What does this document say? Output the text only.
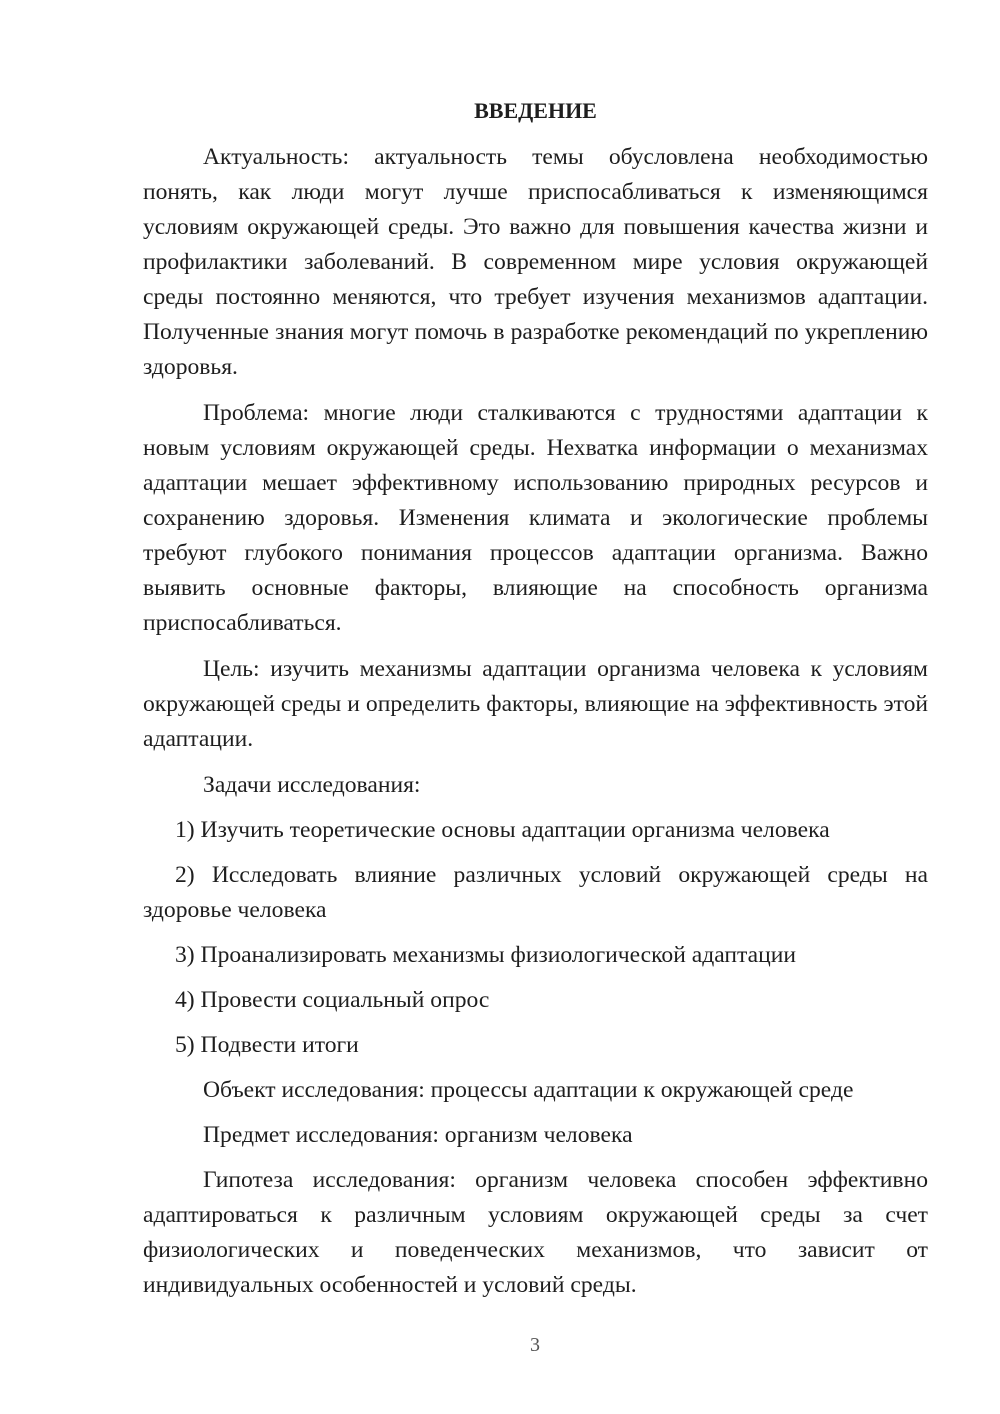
ВВЕДЕНИЕ

Актуальность: актуальность темы обусловлена необходимостью понять, как люди могут лучше приспосабливаться к изменяющимся условиям окружающей среды. Это важно для повышения качества жизни и профилактики заболеваний. В современном мире условия окружающей среды постоянно меняются, что требует изучения механизмов адаптации. Полученные знания могут помочь в разработке рекомендаций по укреплению здоровья.

Проблема: многие люди сталкиваются с трудностями адаптации к новым условиям окружающей среды. Нехватка информации о механизмах адаптации мешает эффективному использованию природных ресурсов и сохранению здоровья. Изменения климата и экологические проблемы требуют глубокого понимания процессов адаптации организма. Важно выявить основные факторы, влияющие на способность организма приспосабливаться.

Цель: изучить механизмы адаптации организма человека к условиям окружающей среды и определить факторы, влияющие на эффективность этой адаптации.

Задачи исследования:

1) Изучить теоретические основы адаптации организма человека

2) Исследовать влияние различных условий окружающей среды на здоровье человека

3) Проанализировать механизмы физиологической адаптации

4) Провести социальный опрос

5) Подвести итоги

Объект исследования: процессы адаптации к окружающей среде

Предмет исследования: организм человека

Гипотеза исследования: организм человека способен эффективно адаптироваться к различным условиям окружающей среды за счет физиологических и поведенческих механизмов, что зависит от индивидуальных особенностей и условий среды.

3
